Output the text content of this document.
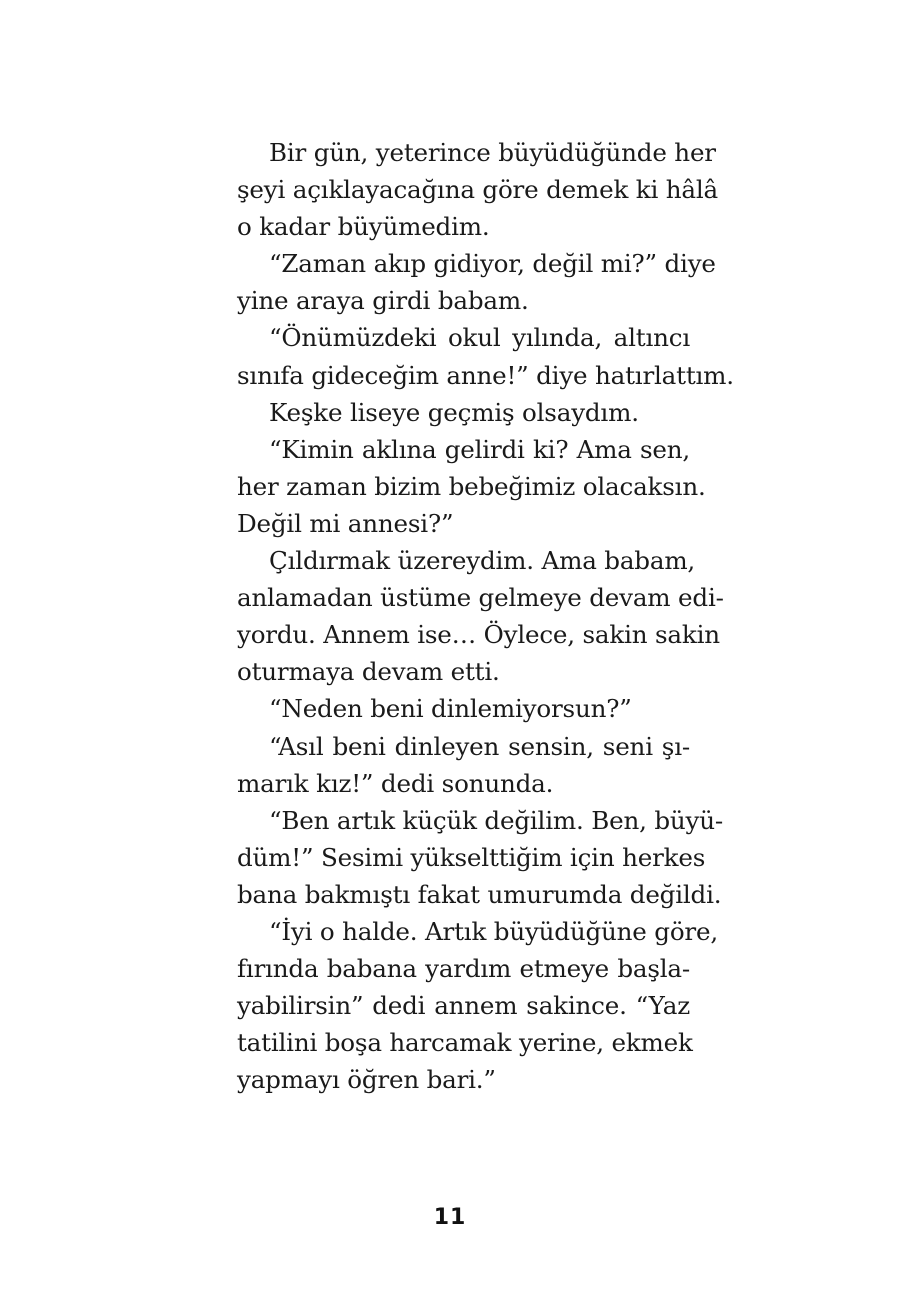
Bir gün, yeterince büyüdüğünde her
şeyi açıklayacağına göre demek ki hâlâ
o kadar büyümedim.
“Zaman akıp gidiyor, değil mi?” diye
yine araya girdi babam.
“Önümüzdeki okul yılında, altıncı
sınıfa gideceğim anne!” diye hatırlattım.
Keşke liseye geçmiş olsaydım.
“Kimin aklına gelirdi ki? Ama sen,
her zaman bizim bebeğimiz olacaksın.
Değil mi annesi?”
Çıldırmak üzereydim. Ama babam,
anlamadan üstüme gelmeye devam edi-
yordu. Annem ise… Öylece, sakin sakin
oturmaya devam etti.
“Neden beni dinlemiyorsun?”
“Asıl beni dinleyen sensin, seni şı-
marık kız!” dedi sonunda.
“Ben artık küçük değilim. Ben, büyü-
düm!” Sesimi yükselttiğim için herkes
bana bakmıştı fakat umurumda değildi.
“İyi o halde. Artık büyüdüğüne göre,
fırında babana yardım etmeye başla-
yabilirsin” dedi annem sakince. “Yaz
tatilini boşa harcamak yerine, ekmek
yapmayı öğren bari.”
11
